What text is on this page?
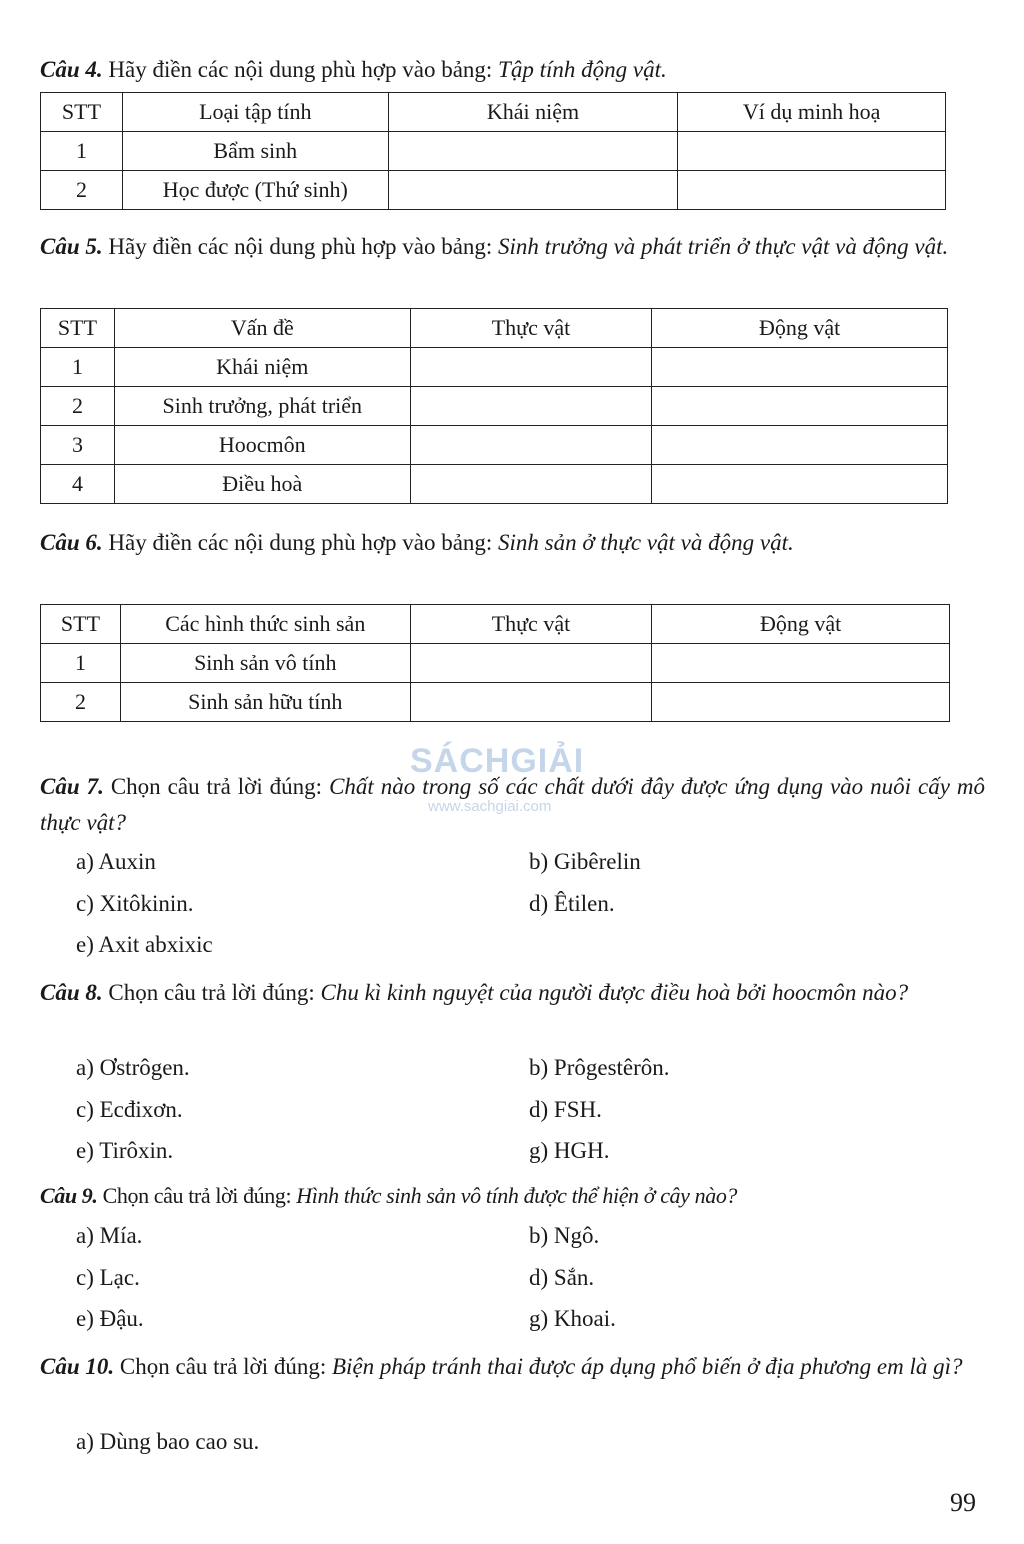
Câu 4. Hãy điền các nội dung phù hợp vào bảng: Tập tính động vật.
STT	Loại tập tính	Khái niệm	Ví dụ minh hoạ
1	Bẩm sinh		
2	Học được (Thứ sinh)		
Câu 5. Hãy điền các nội dung phù hợp vào bảng: Sinh trưởng và phát triển ở thực vật và động vật.
STT	Vấn đề	Thực vật	Động vật
1	Khái niệm		
2	Sinh trưởng, phát triển		
3	Hoocmôn		
4	Điều hoà		
Câu 6. Hãy điền các nội dung phù hợp vào bảng: Sinh sản ở thực vật và động vật.
STT	Các hình thức sinh sản	Thực vật	Động vật
1	Sinh sản vô tính		
2	Sinh sản hữu tính		
SÁCHGIẢI
www.sachgiai.com
Câu 7. Chọn câu trả lời đúng: Chất nào trong số các chất dưới đây được ứng dụng vào nuôi cấy mô thực vật?
a) Auxin	b) Gibêrelin
c) Xitôkinin.	d) Êtilen.
e) Axit abxixic
Câu 8. Chọn câu trả lời đúng: Chu kì kinh nguyệt của người được điều hoà bởi hoocmôn nào?
a) Ơstrôgen.	b) Prôgestêrôn.
c) Ecđixơn.	d) FSH.
e) Tirôxin.	g) HGH.
Câu 9. Chọn câu trả lời đúng: Hình thức sinh sản vô tính được thể hiện ở cây nào?
a) Mía.	b) Ngô.
c) Lạc.	d) Sắn.
e) Đậu.	g) Khoai.
Câu 10. Chọn câu trả lời đúng: Biện pháp tránh thai được áp dụng phổ biến ở địa phương em là gì?
a) Dùng bao cao su.
99
